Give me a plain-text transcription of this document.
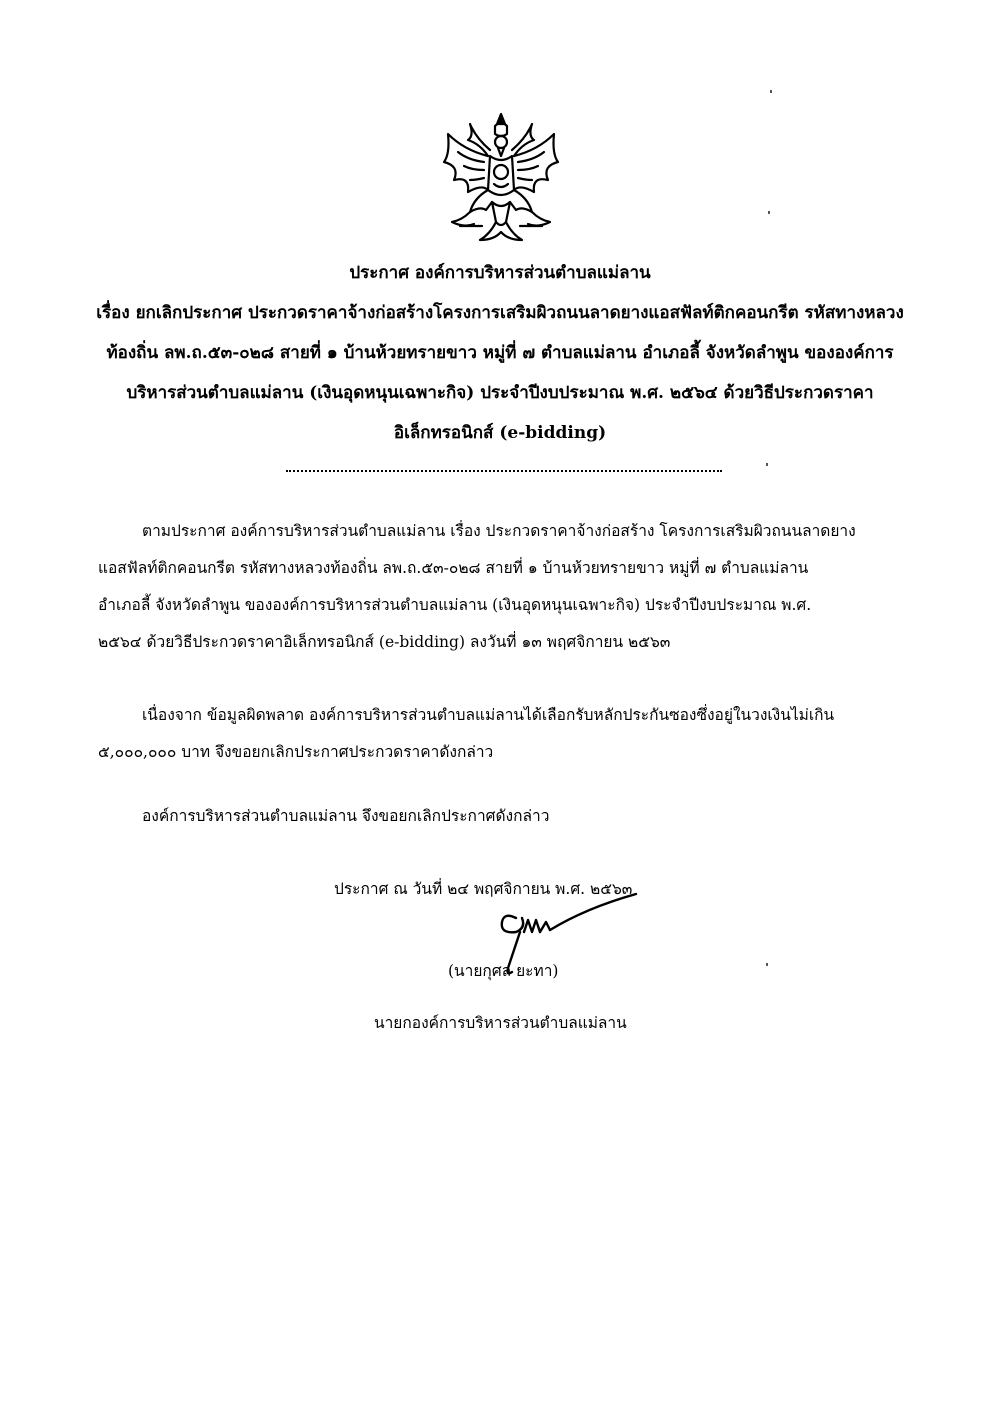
ประกาศ องค์การบริหารส่วนตำบลแม่ลาน
เรื่อง ยกเลิกประกาศ ประกวดราคาจ้างก่อสร้างโครงการเสริมผิวถนนลาดยางแอสฟัลท์ติกคอนกรีต รหัสทางหลวง
ท้องถิ่น ลพ.ถ.๕๓-๐๒๘ สายที่ ๑ บ้านห้วยทรายขาว หมู่ที่ ๗ ตำบลแม่ลาน อำเภอลี้ จังหวัดลำพูน ขององค์การ
บริหารส่วนตำบลแม่ลาน (เงินอุดหนุนเฉพาะกิจ) ประจำปีงบประมาณ พ.ศ. ๒๕๖๔ ด้วยวิธีประกวดราคา
อิเล็กทรอนิกส์ (e-bidding)
ตามประกาศ องค์การบริหารส่วนตำบลแม่ลาน เรื่อง ประกวดราคาจ้างก่อสร้าง โครงการเสริมผิวถนนลาดยาง
แอสฟัลท์ติกคอนกรีต รหัสทางหลวงท้องถิ่น ลพ.ถ.๕๓-๐๒๘ สายที่ ๑ บ้านห้วยทรายขาว หมู่ที่ ๗ ตำบลแม่ลาน
อำเภอลี้ จังหวัดลำพูน ขององค์การบริหารส่วนตำบลแม่ลาน (เงินอุดหนุนเฉพาะกิจ) ประจำปีงบประมาณ พ.ศ.
๒๕๖๔ ด้วยวิธีประกวดราคาอิเล็กทรอนิกส์ (e-bidding) ลงวันที่ ๑๓ พฤศจิกายน ๒๕๖๓
เนื่องจาก ข้อมูลผิดพลาด องค์การบริหารส่วนตำบลแม่ลานได้เลือกรับหลักประกันซองซึ่งอยู่ในวงเงินไม่เกิน
๕,๐๐๐,๐๐๐ บาท จึงขอยกเลิกประกาศประกวดราคาดังกล่าว
องค์การบริหารส่วนตำบลแม่ลาน จึงขอยกเลิกประกาศดังกล่าว
ประกาศ ณ วันที่ ๒๔ พฤศจิกายน พ.ศ. ๒๕๖๓
(นายกุศล ยะทา)
นายกองค์การบริหารส่วนตำบลแม่ลาน
